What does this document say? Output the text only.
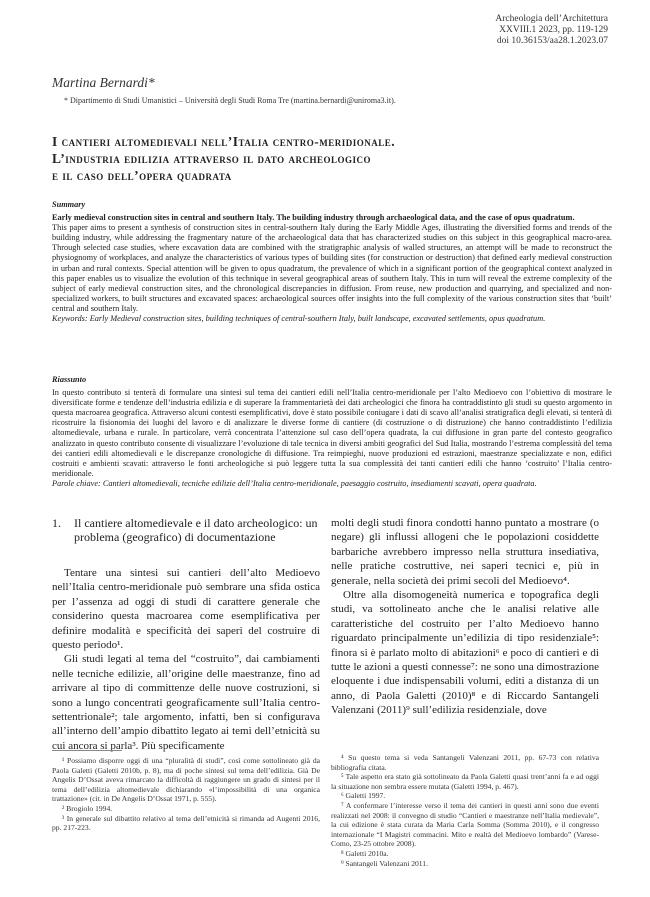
Archeologia dell’Architettura
XXVIII.1 2023, pp. 119-129
doi 10.36153/aa28.1.2023.07
Martina Bernardi*
* Dipartimento di Studi Umanistici – Università degli Studi Roma Tre (martina.bernardi@uniroma3.it).
I cantieri altomedievali nell’Italia centro-meridionale.
L’industria edilizia attraverso il dato archeologico
e il caso dell’opera quadrata
Summary

Early medieval construction sites in central and southern Italy. The building industry through archaeological data, and the case of opus quadratum.

This paper aims to present a synthesis of construction sites in central-southern Italy during the Early Middle Ages, illustrating the diversified forms and trends of the building industry, while addressing the fragmentary nature of the archaeological data that has characterized studies on this subject in this geographical macro-area. Through selected case studies, where excavation data are combined with the stratigraphic analysis of walled structures, an attempt will be made to reconstruct the physiognomy of workplaces, and analyze the characteristics of various types of building sites (for construction or destruction) that defined early medieval construction in urban and rural contexts. Special attention will be given to opus quadratum, the prevalence of which in a significant portion of the geographical context analyzed in this paper enables us to visualize the evolution of this technique in several geographical areas of southern Italy. This in turn will reveal the extreme complexity of the subject of early medieval construction sites, and the chronological discrepancies in diffusion. From reuse, new production and quarrying, and specialized and non-specialized workers, to built structures and excavated spaces: archaeological sources offer insights into the full complexity of the various construction sites that ‘built’ central and southern Italy.

Keywords: Early Medieval construction sites, building techniques of central-southern Italy, built landscape, excavated settlements, opus quadratum.

Riassunto

In questo contributo si tenterà di formulare una sintesi sul tema dei cantieri edili nell’Italia centro-meridionale per l’alto Medioevo con l’obiettivo di mostrare le diversificate forme e tendenze dell’industria edilizia e di superare la frammentarietà dei dati archeologici che finora ha contraddistinto gli studi su questo argomento in questa macroarea geografica. Attraverso alcuni contesti esemplificativi, dove è stato possibile coniugare i dati di scavo all’analisi stratigrafica degli elevati, si tenterà di ricostruire la fisionomia dei luoghi del lavoro e di analizzare le diverse forme di cantiere (di costruzione o di distruzione) che hanno contraddistinto l’edilizia altomedievale, urbana e rurale. In particolare, verrà concentrata l’attenzione sul caso dell’opera quadrata, la cui diffusione in gran parte del contesto geografico analizzato in questo contributo consente di visualizzare l’evoluzione di tale tecnica in diversi ambiti geografici del Sud Italia, mostrando l’estrema complessità del tema dei cantieri edili altomedievali e le discrepanze cronologiche di diffusione. Tra reimpieghi, nuove produzioni ed estrazioni, maestranze specializzate e non, edifici costruiti e ambienti scavati: attraverso le fonti archeologiche si può leggere tutta la sua complessità dei tanti cantieri edili che hanno ‘costruito’ l’Italia centro-meridionale.

Parole chiave: Cantieri altomedievali, tecniche edilizie dell’Italia centro-meridionale, paesaggio costruito, insediamenti scavati, opera quadrata.

1. Il cantiere altomedievale e il dato archeologico: un problema (geografico) di documentazione

Tentare una sintesi sui cantieri dell’alto Medioevo nell’Italia centro-meridionale può sembrare una sfida ostica per l’assenza ad oggi di studi di carattere generale che considerino questa macroarea come esemplificativa per definire modalità e specificità dei saperi del costruire di questo periodo¹.

Gli studi legati al tema del “costruito”, dai cambiamenti nelle tecniche edilizie, all’origine delle maestranze, fino ad arrivare al tipo di committenze delle nuove costruzioni, si sono a lungo concentrati geograficamente sull’Italia centro-settentrionale²; tale argomento, infatti, ben si configurava all’interno dell’ampio dibattito legato ai temi dell’etnicità su cui ancora si parla³. Più specificamente

molti degli studi finora condotti hanno puntato a mostrare (o negare) gli influssi allogeni che le popolazioni cosiddette barbariche avrebbero impresso nella struttura insediativa, nelle pratiche costruttive, nei saperi tecnici e, più in generale, nella società dei primi secoli del Medioevo⁴.

Oltre alla disomogeneità numerica e topografica degli studi, va sottolineato anche che le analisi relative alle caratteristiche del costruito per l’alto Medioevo hanno riguardato principalmente un’edilizia di tipo residenziale⁵: finora si è parlato molto di abitazioni⁶ e poco di cantieri e di tutte le azioni a questi connesse⁷: ne sono una dimostrazione eloquente i due indispensabili volumi, editi a distanza di un anno, di Paola Galetti (2010)⁸ e di Riccardo Santangeli Valenzani (2011)⁹ sull’edilizia residenziale, dove

¹ Possiamo disporre oggi di una “pluralità di studi”, così come sottolineato già da Paola Galetti (Galetti 2010b, p. 8), ma di poche sintesi sul tema dell’edilizia. Già De Angelis D’Ossat aveva rimarcato la difficoltà di raggiungere un grado di sintesi per il tema dell’edilizia altomedievale dichiarando «l’impossibilità di una organica trattazione» (cit. in De Angelis D’Ossat 1971, p. 555).

² Brogiolo 1994.

³ In generale sul dibattito relativo al tema dell’etnicità si rimanda ad Augenti 2016, pp. 217-223.

⁴ Su questo tema si veda Santangeli Valenzani 2011, pp. 67-73 con relativa bibliografia citata.

⁵ Tale aspetto era stato già sottolineato da Paola Galetti quasi trent’anni fa e ad oggi la situazione non sembra essere mutata (Galetti 1994, p. 467).

⁶ Galetti 1997.

⁷ A confermare l’interesse verso il tema dei cantieri in questi anni sono due eventi realizzati nel 2008: il convegno di studio “Cantieri e maestranze nell’Italia medievale”, la cui edizione è stata curata da Maria Carla Somma (Somma 2010), e il congresso internazionale “I Magistri commacini. Mito e realtà del Medioevo lombardo” (Varese-Como, 23-25 ottobre 2008).

⁸ Galetti 2010a.

⁹ Santangeli Valenzani 2011.
